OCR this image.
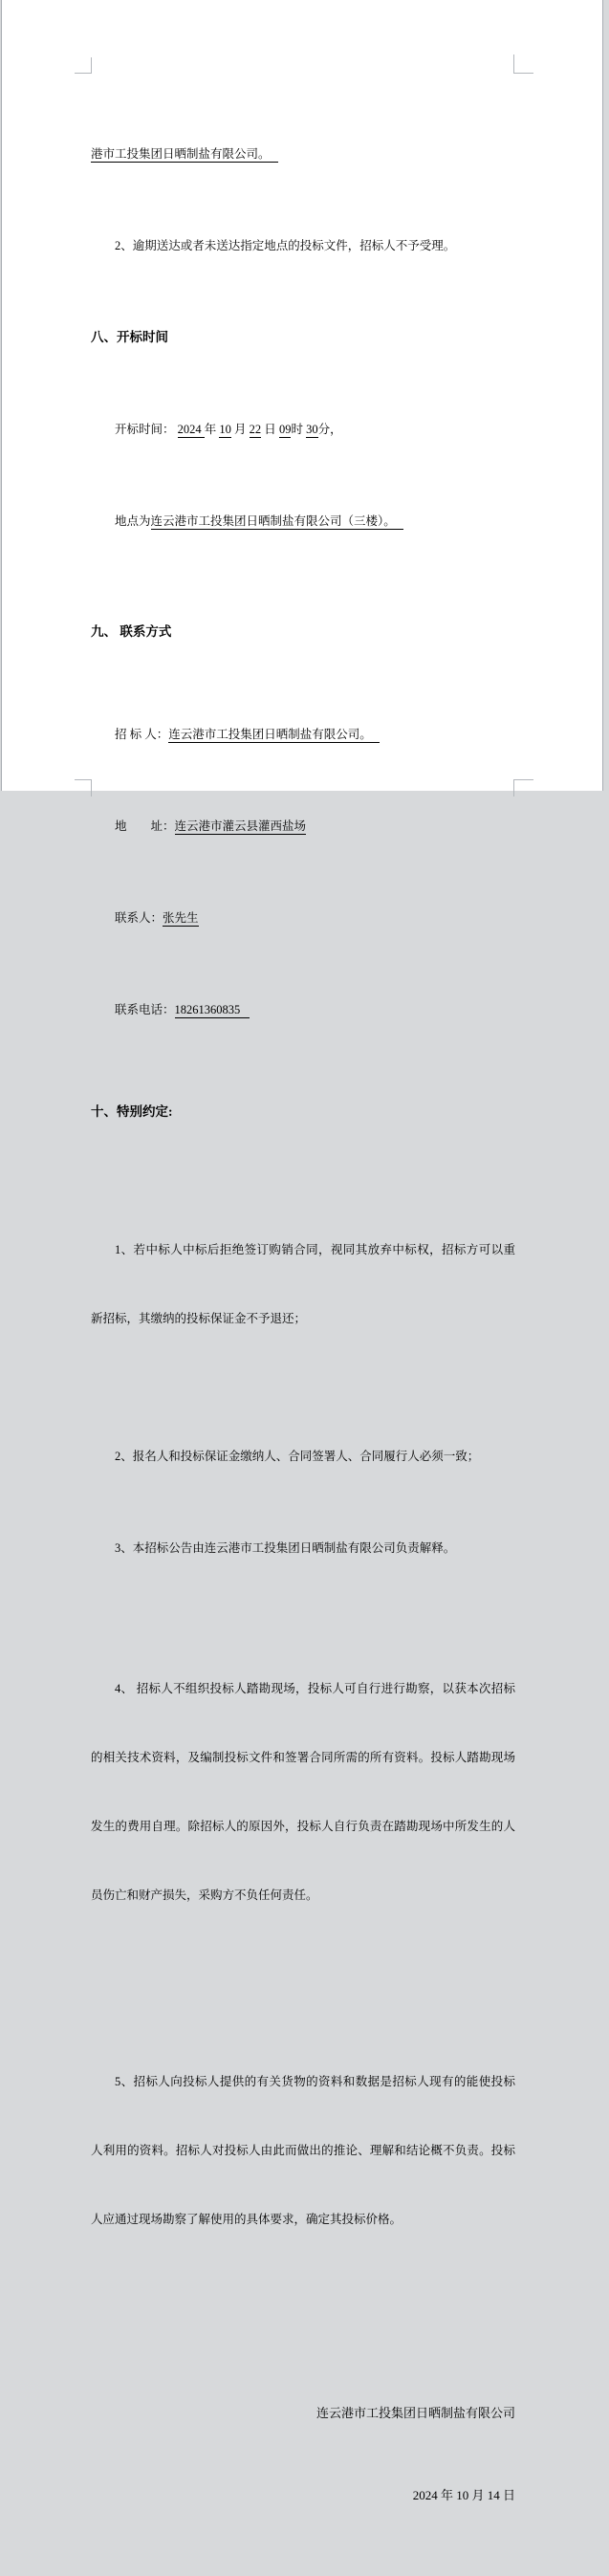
港市工投集团日晒制盐有限公司。

2、逾期送达或者未送达指定地点的投标文件，招标人不予受理。

八、开标时间

开标时间： 2024 年 10 月 22 日 09时 30分，

地点为连云港市工投集团日晒制盐有限公司（三楼）。

九、 联系方式

招 标 人：连云港市工投集团日晒制盐有限公司。

地　　址：连云港市灌云县灌西盐场

联系人：张先生

联系电话：18261360835

十、特别约定:

1、若中标人中标后拒绝签订购销合同，视同其放弃中标权，招标方可以重

新招标，其缴纳的投标保证金不予退还；

2、报名人和投标保证金缴纳人、合同签署人、合同履行人必须一致；

3、本招标公告由连云港市工投集团日晒制盐有限公司负责解释。

4、 招标人不组织投标人踏勘现场，投标人可自行进行勘察，以获本次招标

的相关技术资料，及编制投标文件和签署合同所需的所有资料。投标人踏勘现场

发生的费用自理。除招标人的原因外，投标人自行负责在踏勘现场中所发生的人

员伤亡和财产损失，采购方不负任何责任。

5、招标人向投标人提供的有关货物的资料和数据是招标人现有的能使投标

人利用的资料。招标人对投标人由此而做出的推论、理解和结论概不负责。投标

人应通过现场勘察了解使用的具体要求，确定其投标价格。

连云港市工投集团日晒制盐有限公司

2024 年 10 月 14 日
